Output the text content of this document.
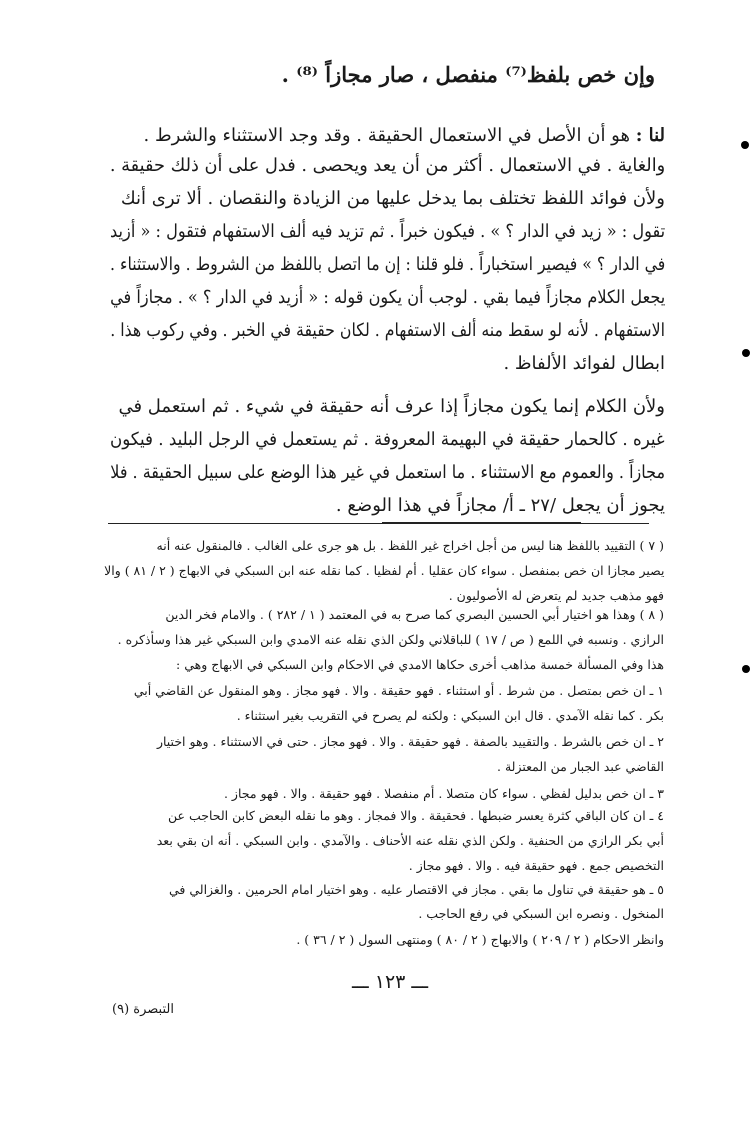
وإن خص بلفظ⁽⁷⁾ منفصل ، صار مجازاً ⁽⁸⁾ .
لنا : هو أن الأصل في الاستعمال الحقيقة . وقد وجد الاستثناء والشرط .
والغاية . في الاستعمال . أكثر من أن يعد ويحصى . فدل على أن ذلك حقيقة .
ولأن فوائد اللفظ تختلف بما يدخل عليها من الزيادة والنقصان . ألا ترى أنك
تقول : « زيد في الدار ؟ » . فيكون خبراً . ثم تزيد فيه ألف الاستفهام فتقول : « أزيد
في الدار ؟ » فيصير استخباراً . فلو قلنا : إن ما اتصل باللفظ من الشروط . والاستثناء .
يجعل الكلام مجازاً فيما بقي . لوجب أن يكون قوله : « أزيد في الدار ؟ » . مجازاً في
الاستفهام . لأنه لو سقط منه ألف الاستفهام . لكان حقيقة في الخبر . وفي ركوب هذا .
ابطال لفوائد الألفاظ .
ولأن الكلام إنما يكون مجازاً إذا عرف أنه حقيقة في شيء . ثم استعمل في
غيره . كالحمار حقيقة في البهيمة المعروفة . ثم يستعمل في الرجل البليد . فيكون
مجازاً . والعموم مع الاستثناء . ما استعمل في غير هذا الوضع على سبيل الحقيقة . فلا
يجوز أن يجعل /٢٧ ـ أ/ مجازاً في هذا الوضع .
( ٧ ) التقييد باللفظ هنا ليس من أجل اخراج غير اللفظ . بل هو جرى على الغالب . فالمنقول عنه أنه
يصير مجازا ان خص بمنفصل . سواء كان عقليا . أم لفظيا . كما نقله عنه ابن السبكي في الابهاج ( ٢ / ٨١ ) والا
فهو مذهب جديد لم يتعرض له الأصوليون .
( ٨ ) وهذا هو اختيار أبي الحسين البصري كما صرح به في المعتمد ( ١ / ٢٨٢ ) . والامام فخر الدين
الرازي . ونسبه في اللمع ( ص / ١٧ ) للباقلاني ولكن الذي نقله عنه الامدي وابن السبكي غير هذا وسأذكره .
هذا وفي المسألة خمسة مذاهب أخرى حكاها الامدي في الاحكام وابن السبكي في الابهاج وهي :
١ ـ ان خص بمتصل . من شرط . أو استثناء . فهو حقيقة . والا . فهو مجاز . وهو المنقول عن القاضي أبي
بكر . كما نقله الآمدي . قال ابن السبكي : ولكنه لم يصرح في التقريب بغير استثناء .
٢ ـ ان خص بالشرط . والتقييد بالصفة . فهو حقيقة . والا . فهو مجاز . حتى في الاستثناء . وهو اختيار
القاضي عبد الجبار من المعتزلة .
٣ ـ ان خص بدليل لفظي . سواء كان متصلا . أم منفصلا . فهو حقيقة . والا . فهو مجاز .
٤ ـ ان كان الباقي كثرة يعسر ضبطها . فحقيقة . والا فمجاز . وهو ما نقله البعض كابن الحاجب عن
أبي بكر الرازي من الحنفية . ولكن الذي نقله عنه الأحناف . والآمدي . وابن السبكي . أنه ان بقي بعد
التخصيص جمع . فهو حقيقة فيه . والا . فهو مجاز .
٥ ـ هو حقيقة في تناول ما بقي . مجاز في الاقتصار عليه . وهو اختيار امام الحرمين . والغزالي في
المنخول . ونصره ابن السبكي في رفع الحاجب .
وانظر الاحكام ( ٢ / ٢٠٩ ) والابهاج ( ٢ / ٨٠ ) ومنتهى السول ( ٢ / ٣٦ ) .
ـــ ١٢٣ ـــ
التبصرة (٩)
